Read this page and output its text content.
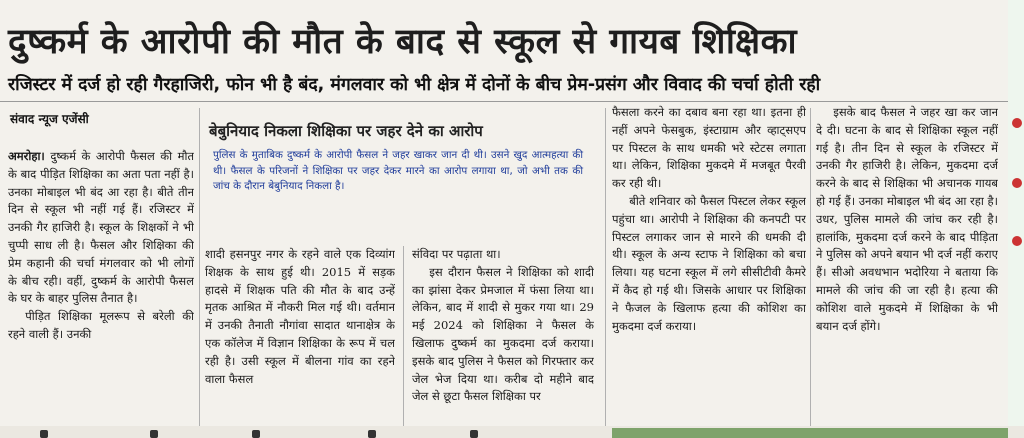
दुष्कर्म के आरोपी की मौत के बाद से स्कूल से गायब शिक्षिका
रजिस्टर में दर्ज हो रही गैरहाजिरी, फोन भी है बंद, मंगलवार को भी क्षेत्र में दोनों के बीच प्रेम-प्रसंग और विवाद की चर्चा होती रही
संवाद न्यूज एजेंसी

अमरोहा। दुष्कर्म के आरोपी फैसल की मौत के बाद पीड़ित शिक्षिका का अता पता नहीं है। उनका मोबाइल भी बंद आ रहा है। बीते तीन दिन से स्कूल भी नहीं गई हैं। रजिस्टर में उनकी गैर हाजिरी है। स्कूल के शिक्षकों ने भी चुप्पी साध ली है। फैसल और शिक्षिका की प्रेम कहानी की चर्चा मंगलवार को भी लोगों के बीच रही। वहीं, दुष्कर्म के आरोपी फैसल के घर के बाहर पुलिस तैनात है।

पीड़ित शिक्षिका मूलरूप से बरेली की रहने वाली हैं। उनकी

बेबुनियाद निकला शिक्षिका पर जहर देने का आरोप
पुलिस के मुताबिक दुष्कर्म के आरोपी फैसल ने जहर खाकर जान दी थी। उसने खुद आत्महत्या की थी। फैसल के परिजनों ने शिक्षिका पर जहर देकर मारने का आरोप लगाया था, जो अभी तक की जांच के दौरान बेबुनियाद निकला है।

शादी हसनपुर नगर के रहने वाले एक दिव्यांग शिक्षक के साथ हुई थी। 2015 में सड़क हादसे में शिक्षक पति की मौत के बाद उन्हें मृतक आश्रित में नौकरी मिल गई थी। वर्तमान में उनकी तैनाती नौगांवा सादात थानाक्षेत्र के एक कॉलेज में विज्ञान शिक्षिका के रूप में चल रही है। उसी स्कूल में बीलना गांव का रहने वाला फैसल

संविदा पर पढ़ाता था।

इस दौरान फैसल ने शिक्षिका को शादी का झांसा देकर प्रेमजाल में फंसा लिया था। लेकिन, बाद में शादी से मुकर गया था। 29 मई 2024 को शिक्षिका ने फैसल के खिलाफ दुष्कर्म का मुकदमा दर्ज कराया। इसके बाद पुलिस ने फैसल को गिरफ्तार कर जेल भेज दिया था। करीब दो महीने बाद जेल से छूटा फैसल शिक्षिका पर

फैसला करने का दबाव बना रहा था। इतना ही नहीं अपने फेसबुक, इंस्टाग्राम और व्हाट्सएप पर पिस्टल के साथ धमकी भरे स्टेटस लगाता था। लेकिन, शिक्षिका मुकदमे में मजबूत पैरवी कर रही थी।

बीते शनिवार को फैसल पिस्टल लेकर स्कूल पहुंचा था। आरोपी ने शिक्षिका की कनपटी पर पिस्टल लगाकर जान से मारने की धमकी दी थी। स्कूल के अन्य स्टाफ ने शिक्षिका को बचा लिया। यह घटना स्कूल में लगे सीसीटीवी कैमरे में कैद हो गई थी। जिसके आधार पर शिक्षिका ने फैजल के खिलाफ हत्या की कोशिश का मुकदमा दर्ज कराया।

इसके बाद फैसल ने जहर खा कर जान दे दी। घटना के बाद से शिक्षिका स्कूल नहीं गई है। तीन दिन से स्कूल के रजिस्टर में उनकी गैर हाजिरी है। लेकिन, मुकदमा दर्ज करने के बाद से शिक्षिका भी अचानक गायब हो गई हैं। उनका मोबाइल भी बंद आ रहा है। उधर, पुलिस मामले की जांच कर रही है। हालांकि, मुकदमा दर्ज करने के बाद पीड़िता ने पुलिस को अपने बयान भी दर्ज नहीं कराए हैं। सीओ अवधभान भदोरिया ने बताया कि मामले की जांच की जा रही है। हत्या की कोशिश वाले मुकदमे में शिक्षिका के भी बयान दर्ज होंगे।
